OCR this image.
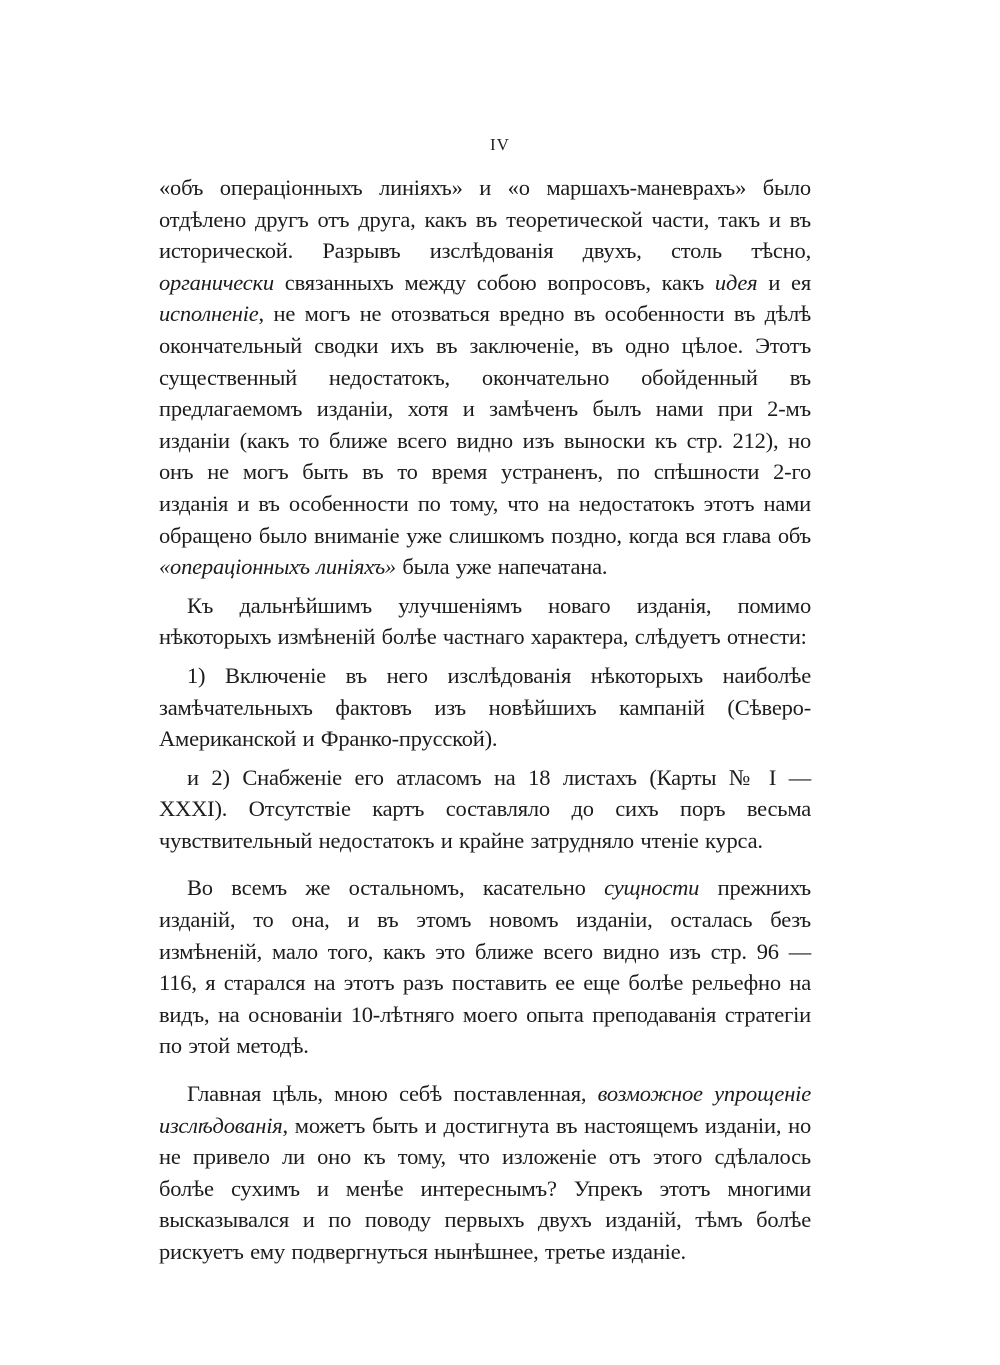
IV

«объ операціонныхъ линіяхъ» и «о маршахъ-маневрахъ» было отдѣлено другъ отъ друга, какъ въ теоретической части, такъ и въ исторической. Разрывъ изслѣдованія двухъ, столь тѣсно, органически связанныхъ между собою вопросовъ, какъ идея и ея исполненіе, не могъ не отозваться вредно въ особенности въ дѣлѣ окончательный сводки ихъ въ заключеніе, въ одно цѣлое. Этотъ существенный недостатокъ, окончательно обойденный въ предлагаемомъ изданіи, хотя и замѣченъ былъ нами при 2-мъ изданіи (какъ то ближе всего видно изъ выноски къ стр. 212), но онъ не могъ быть въ то время устраненъ, по спѣшности 2-го изданія и въ особенности по тому, что на недостатокъ этотъ нами обращено было вниманіе уже слишкомъ поздно, когда вся глава объ «операціонныхъ линіяхъ» была уже напечатана.

Къ дальнѣйшимъ улучшеніямъ новаго изданія, помимо нѣкоторыхъ измѣненій болѣе частнаго характера, слѣдуетъ отнести:

1) Включеніе въ него изслѣдованія нѣкоторыхъ наиболѣе замѣчательныхъ фактовъ изъ новѣйшихъ кампаній (Сѣверо-Американской и Франко-прусской).

и 2) Снабженіе его атласомъ на 18 листахъ (Карты № I — XXXI). Отсутствіе картъ составляло до сихъ поръ весьма чувствительный недостатокъ и крайне затрудняло чтеніе курса.

Во всемъ же остальномъ, касательно сущности прежнихъ изданій, то она, и въ этомъ новомъ изданіи, осталась безъ измѣненій, мало того, какъ это ближе всего видно изъ стр. 96 — 116, я старался на этотъ разъ поставить ее еще болѣе рельефно на видъ, на основаніи 10-лѣтняго моего опыта преподаванія стратегіи по этой методѣ.

Главная цѣль, мною себѣ поставленная, возможное упрощеніе изслѣдованія, можетъ быть и достигнута въ настоящемъ изданіи, но не привело ли оно къ тому, что изложеніе отъ этого сдѣлалось болѣе сухимъ и менѣе интереснымъ? Упрекъ этотъ многими высказывался и по поводу первыхъ двухъ изданій, тѣмъ болѣе рискуетъ ему подвергнуться нынѣшнее, третье изданіе.
